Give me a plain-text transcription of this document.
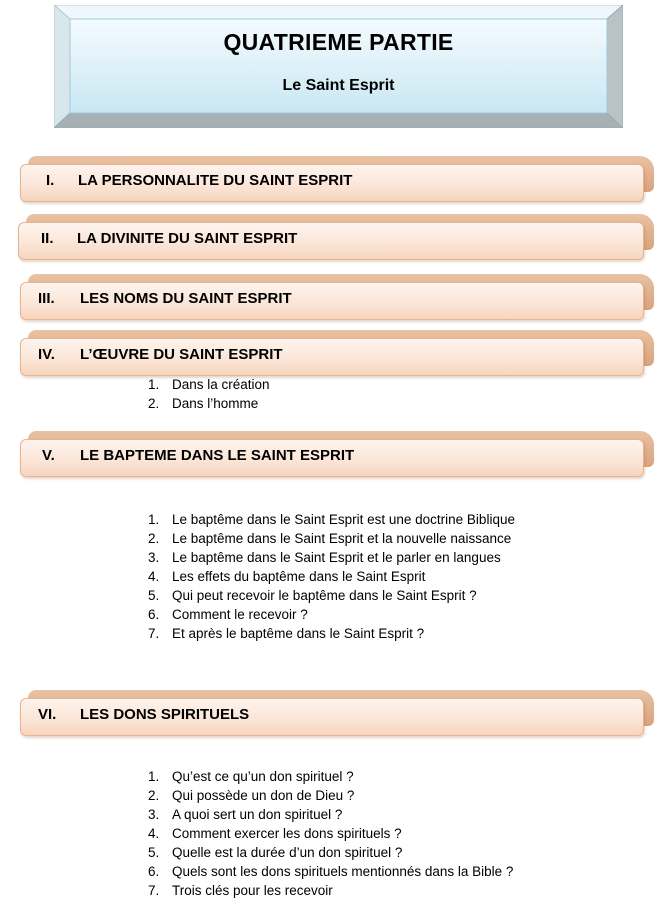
QUATRIEME PARTIE
Le Saint Esprit
I. LA PERSONNALITE DU SAINT ESPRIT
II. LA DIVINITE DU SAINT ESPRIT
III. LES NOMS DU SAINT ESPRIT
IV. L’ŒUVRE DU SAINT ESPRIT
1. Dans la création
2. Dans l’homme
V. LE BAPTEME DANS LE SAINT ESPRIT
1. Le baptême dans le Saint Esprit est une doctrine Biblique
2. Le baptême dans le Saint Esprit et la nouvelle naissance
3. Le baptême dans le Saint Esprit et le parler en langues
4. Les effets du baptême dans le Saint Esprit
5. Qui peut recevoir le baptême dans le Saint Esprit ?
6. Comment le recevoir ?
7. Et après le baptême dans le Saint Esprit ?
VI. LES DONS SPIRITUELS
1. Qu’est ce qu’un don spirituel ?
2. Qui possède un don de Dieu ?
3. A quoi sert un don spirituel ?
4. Comment exercer les dons spirituels ?
5. Quelle est la durée d’un don spirituel ?
6. Quels sont les dons spirituels mentionnés dans la Bible ?
7. Trois clés pour les recevoir
